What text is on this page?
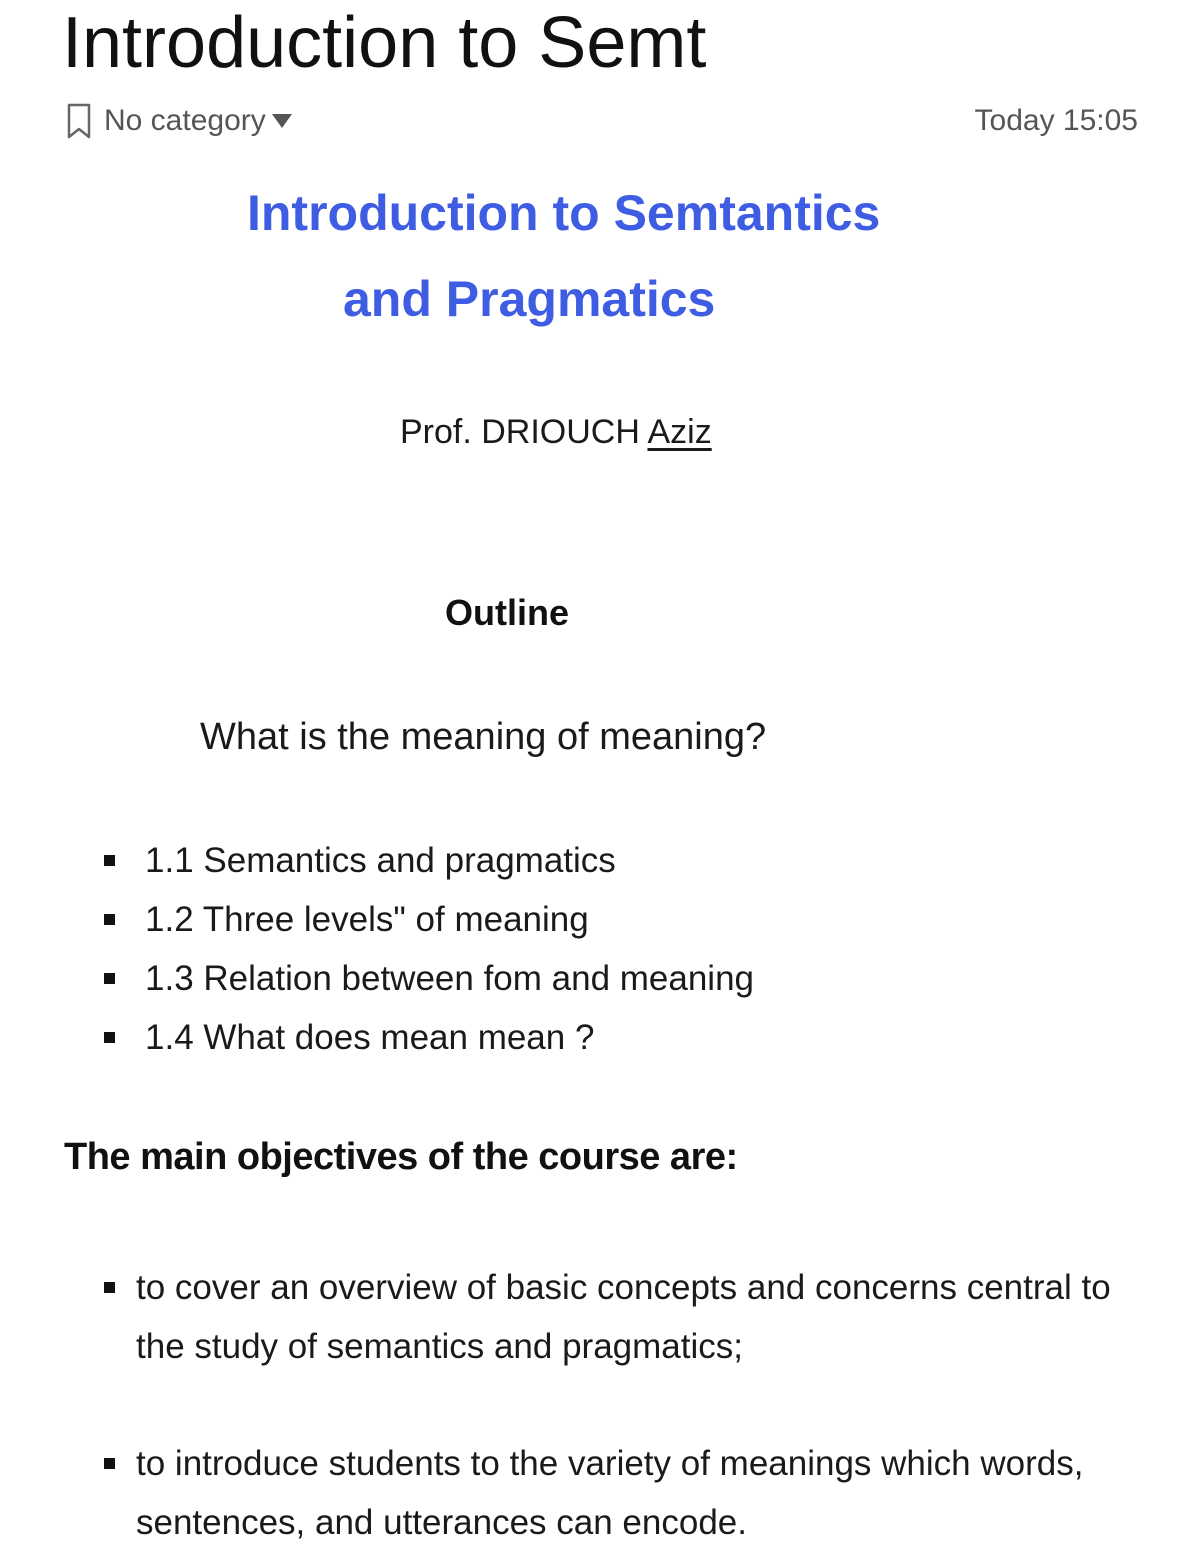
Introduction to Semt
No category	Today 15:05
Introduction to Semtantics
and Pragmatics
Prof. DRIOUCH Aziz
Outline
What is the meaning of meaning?
1.1 Semantics and pragmatics
1.2 Three levels" of meaning
1.3 Relation between fom and meaning
1.4 What does mean mean ?
The main objectives of the course are:
to cover an overview of basic concepts and concerns central to the study of semantics and pragmatics;
to introduce students to the variety of meanings which words, sentences, and utterances can encode.
